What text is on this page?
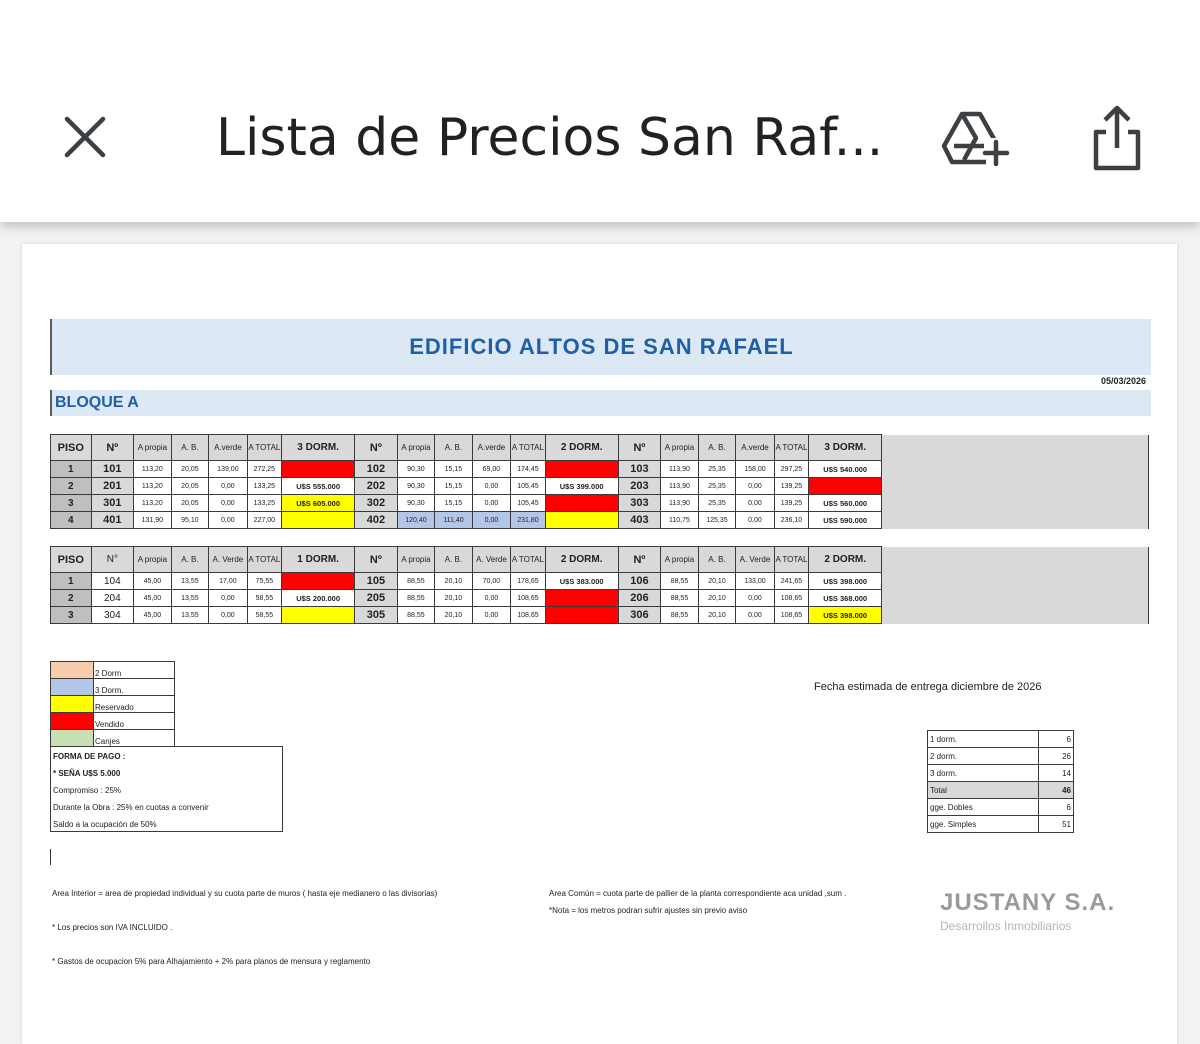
Lista de Precios San Raf...
EDIFICIO ALTOS DE SAN RAFAEL
05/03/2026
BLOQUE A
PISO	Nº	A propia	A. B.	A.verde	A TOTAL	3 DORM.	Nº	A propia	A. B.	A.verde	A TOTAL	2 DORM.	Nº	A propia	A. B.	A.verde	A TOTAL	3 DORM.	
1	101	113,20	20,05	139,00	272,25		102	90,30	15,15	69,00	174,45		103	113,90	25,35	158,00	297,25	U$S 540.000	
2	201	113,20	20,05	0,00	133,25	U$S 555.000	202	90,30	15,15	0,00	105,45	U$S 399.000	203	113,90	25,35	0,00	139,25		
3	301	113,20	20,05	0,00	133,25	U$S 605.000	302	90,30	15,15	0,00	105,45		303	113,90	25,35	0,00	139,25	U$S 560.000	
4	401	131,90	95,10	0,00	227,00		402	120,40	111,40	0,00	231,80		403	110,75	125,35	0,00	236,10	U$S 590.000	
PISO	N°	A propia	A. B.	A. Verde	A TOTAL	1 DORM.	Nº	A propia	A. B.	A. Verde	A TOTAL	2 DORM.	Nº	A propia	A. B.	A. Verde	A TOTAL	2 DORM.	
1	104	45,00	13,55	17,00	75,55		105	88,55	20,10	70,00	178,65	U$S 383.000	106	88,55	20,10	133,00	241,65	U$S 398.000	
2	204	45,00	13,55	0,00	58,55	U$S 200.000	205	88,55	20,10	0,00	108,65		206	88,55	20,10	0,00	108,65	U$S 368.000	
3	304	45,00	13,55	0,00	58,55		305	88,55	20,10	0,00	108,65		306	88,55	20,10	0,00	108,65	U$S 398.000	
	2 Dorm
	3 Dorm.
	Reservado
	Vendido
	Canjes
FORMA DE PAGO :
* SEÑA U$S 5.000
Compromiso : 25%
Durante la Obra : 25% en cuotas a convenir
Saldo a la ocupación de 50%
Fecha estimada de entrega diciembre de 2026
1 dorm.	6
2 dorm.	26
3 dorm.	14
Total	46
gge. Dobles	6
gge. Simples	51
Area Interior = area de propiedad individual y su cuota parte de muros ( hasta eje medianero o las divisorias)	Area Común = cuota parte de pallier de la planta correspondiente aca unidad ,sum .
*Nota = los metros podran sufrir ajustes sin previo aviso
* Los precios son IVA INCLUIDO .
* Gastos de ocupacion 5% para Alhajamiento + 2% para planos de mensura y reglamento
JUSTANY S.A.
Desarrollos Inmobiliarios
